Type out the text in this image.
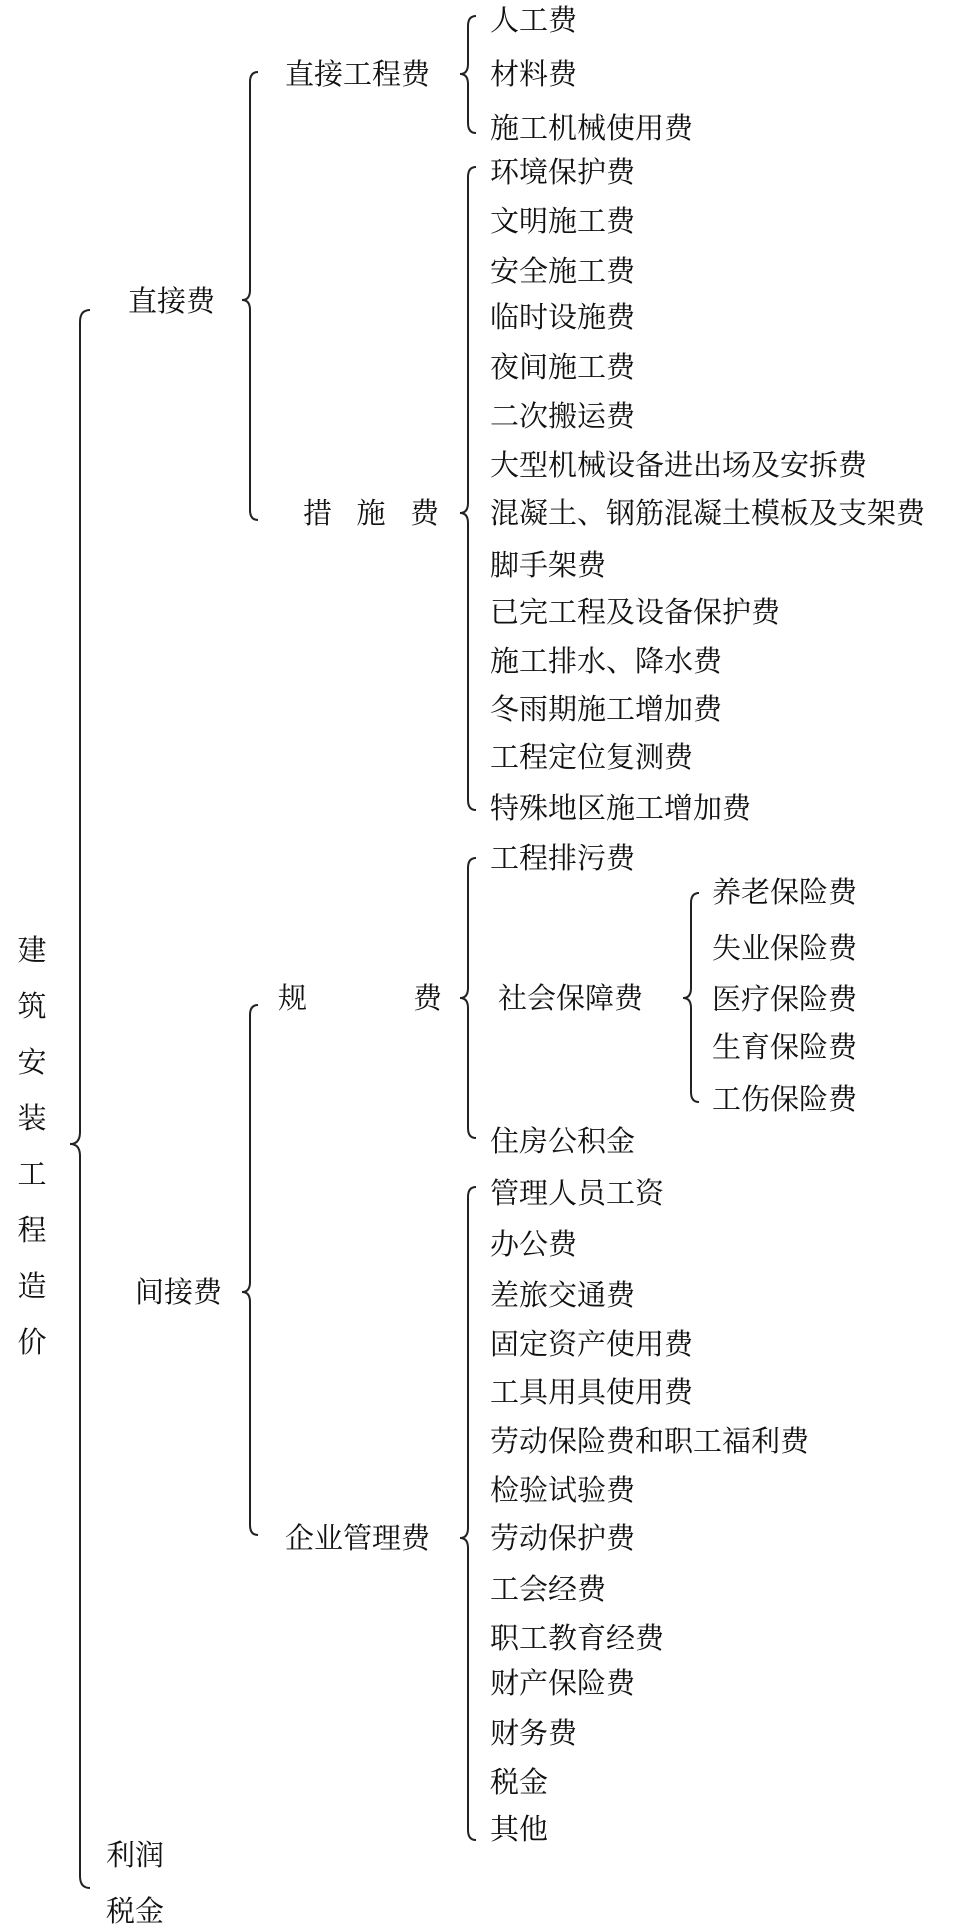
建
筑
安
装
工
程
造
价
直接费
间接费
利润
税金
直接工程费
措 施 费
规	费
企业管理费
人工费
材料费
施工机械使用费
环境保护费
文明施工费
安全施工费
临时设施费
夜间施工费
二次搬运费
大型机械设备进出场及安拆费
混凝土、钢筋混凝土模板及支架费
脚手架费
已完工程及设备保护费
施工排水、降水费
冬雨期施工增加费
工程定位复测费
特殊地区施工增加费
工程排污费
社会保障费
养老保险费
失业保险费
医疗保险费
生育保险费
工伤保险费
住房公积金
管理人员工资
办公费
差旅交通费
固定资产使用费
工具用具使用费
劳动保险费和职工福利费
检验试验费
劳动保护费
工会经费
职工教育经费
财产保险费
财务费
税金
其他
